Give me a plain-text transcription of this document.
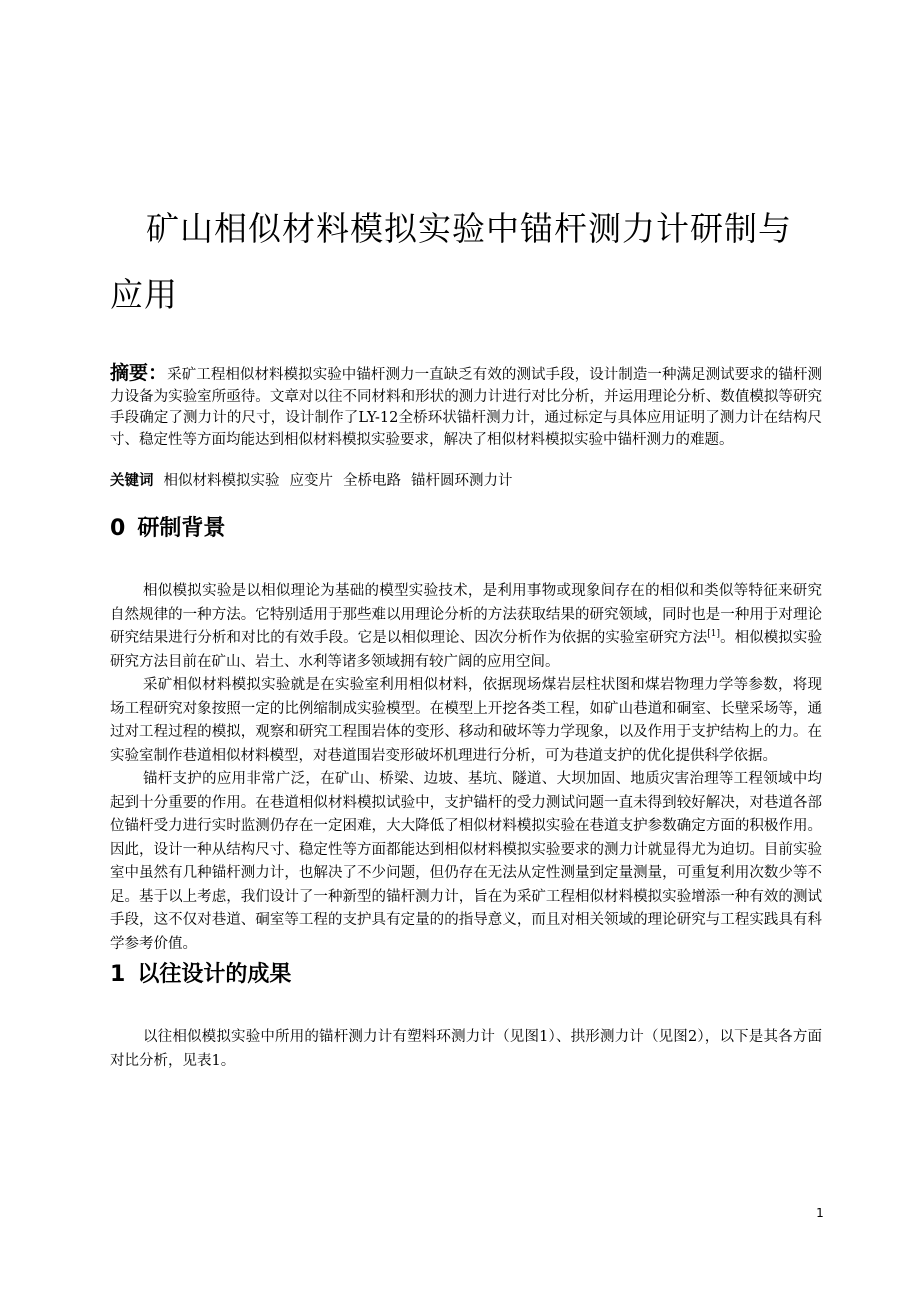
矿山相似材料模拟实验中锚杆测力计研制与应用

摘要：采矿工程相似材料模拟实验中锚杆测力一直缺乏有效的测试手段，设计制造一种满足测试要求的锚杆测力设备为实验室所亟待。文章对以往不同材料和形状的测力计进行对比分析，并运用理论分析、数值模拟等研究手段确定了测力计的尺寸，设计制作了LY-12全桥环状锚杆测力计，通过标定与具体应用证明了测力计在结构尺寸、稳定性等方面均能达到相似材料模拟实验要求，解决了相似材料模拟实验中锚杆测力的难题。

关键词 相似材料模拟实验 应变片 全桥电路 锚杆圆环测力计

0 研制背景

相似模拟实验是以相似理论为基础的模型实验技术，是利用事物或现象间存在的相似和类似等特征来研究自然规律的一种方法。它特别适用于那些难以用理论分析的方法获取结果的研究领域，同时也是一种用于对理论研究结果进行分析和对比的有效手段。它是以相似理论、因次分析作为依据的实验室研究方法[1]。相似模拟实验研究方法目前在矿山、岩土、水利等诸多领域拥有较广阔的应用空间。

采矿相似材料模拟实验就是在实验室利用相似材料，依据现场煤岩层柱状图和煤岩物理力学等参数，将现场工程研究对象按照一定的比例缩制成实验模型。在模型上开挖各类工程，如矿山巷道和硐室、长壁采场等，通过对工程过程的模拟，观察和研究工程围岩体的变形、移动和破坏等力学现象，以及作用于支护结构上的力。在实验室制作巷道相似材料模型，对巷道围岩变形破坏机理进行分析，可为巷道支护的优化提供科学依据。

锚杆支护的应用非常广泛，在矿山、桥梁、边坡、基坑、隧道、大坝加固、地质灾害治理等工程领域中均起到十分重要的作用。在巷道相似材料模拟试验中，支护锚杆的受力测试问题一直未得到较好解决，对巷道各部位锚杆受力进行实时监测仍存在一定困难，大大降低了相似材料模拟实验在巷道支护参数确定方面的积极作用。因此，设计一种从结构尺寸、稳定性等方面都能达到相似材料模拟实验要求的测力计就显得尤为迫切。目前实验室中虽然有几种锚杆测力计，也解决了不少问题，但仍存在无法从定性测量到定量测量，可重复利用次数少等不足。基于以上考虑，我们设计了一种新型的锚杆测力计，旨在为采矿工程相似材料模拟实验增添一种有效的测试手段，这不仅对巷道、硐室等工程的支护具有定量的的指导意义，而且对相关领域的理论研究与工程实践具有科学参考价值。

1 以往设计的成果

以往相似模拟实验中所用的锚杆测力计有塑料环测力计（见图1）、拱形测力计（见图2），以下是其各方面对比分析，见表1。

1
